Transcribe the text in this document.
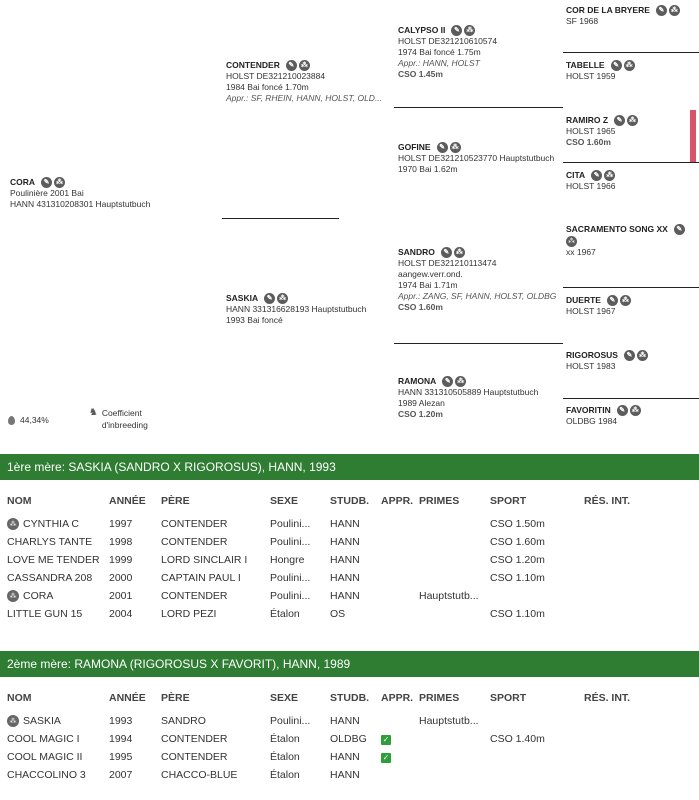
CORA	✎ ⁂
Poulinière 2001 Bai
HANN 431310208301 Hauptstutbuch
CONTENDER	✎ ⁂
HOLST DE321210023884
1984 Bai foncé 1.70m
Appr.: SF, RHEIN, HANN, HOLST, OLD...
SASKIA	✎ ⁂
HANN 331316628193 Hauptstutbuch
1993 Bai foncé
CALYPSO II	✎ ⁂
HOLST DE321210610574
1974 Bai foncé 1.75m
Appr.: HANN, HOLST
CSO 1.45m
GOFINE	✎ ⁂
HOLST DE321210523770 Hauptstutbuch
1970 Bai 1.62m
SANDRO	✎ ⁂
HOLST DE321210113474
aangew.verr.ond.
1974 Bai 1.71m
Appr.: ZANG, SF, HANN, HOLST, OLDBG
CSO 1.60m
RAMONA	✎ ⁂
HANN 331310505889 Hauptstutbuch
1989 Alezan
CSO 1.20m
COR DE LA BRYERE	✎ ⁂
SF 1968
TABELLE	✎ ⁂
HOLST 1959
RAMIRO Z	✎ ⁂
HOLST 1965
CSO 1.60m
CITA	✎ ⁂
HOLST 1966
SACRAMENTO SONG XX	✎
⁂
xx 1967
DUERTE	✎ ⁂
HOLST 1967
RIGOROSUS	✎ ⁂
HOLST 1983
FAVORITIN	✎ ⁂
OLDBG 1984
44,34%
♞ Coefficient
d'inbreeding
1ère mère: SASKIA (SANDRO X RIGOROSUS), HANN, 1993
NOM	ANNÉE	PÈRE	SEXE	STUDB.	APPR.	PRIMES	SPORT	RÉS. INT.
⁂ CYNTHIA C	1997	CONTENDER	Poulini...	HANN			CSO 1.50m	
CHARLYS TANTE	1998	CONTENDER	Poulini...	HANN			CSO 1.60m	
LOVE ME TENDER	1999	LORD SINCLAIR I	Hongre	HANN			CSO 1.20m	
CASSANDRA 208	2000	CAPTAIN PAUL I	Poulini...	HANN			CSO 1.10m	
⁂ CORA	2001	CONTENDER	Poulini...	HANN		Hauptstutb...		
LITTLE GUN 15	2004	LORD PEZI	Étalon	OS			CSO 1.10m	
2ème mère: RAMONA (RIGOROSUS X FAVORIT), HANN, 1989
NOM	ANNÉE	PÈRE	SEXE	STUDB.	APPR.	PRIMES	SPORT	RÉS. INT.
⁂ SASKIA	1993	SANDRO	Poulini...	HANN		Hauptstutb...		
COOL MAGIC I	1994	CONTENDER	Étalon	OLDBG	✓		CSO 1.40m	
COOL MAGIC II	1995	CONTENDER	Étalon	HANN	✓			
CHACCOLINO 3	2007	CHACCO-BLUE	Étalon	HANN				
